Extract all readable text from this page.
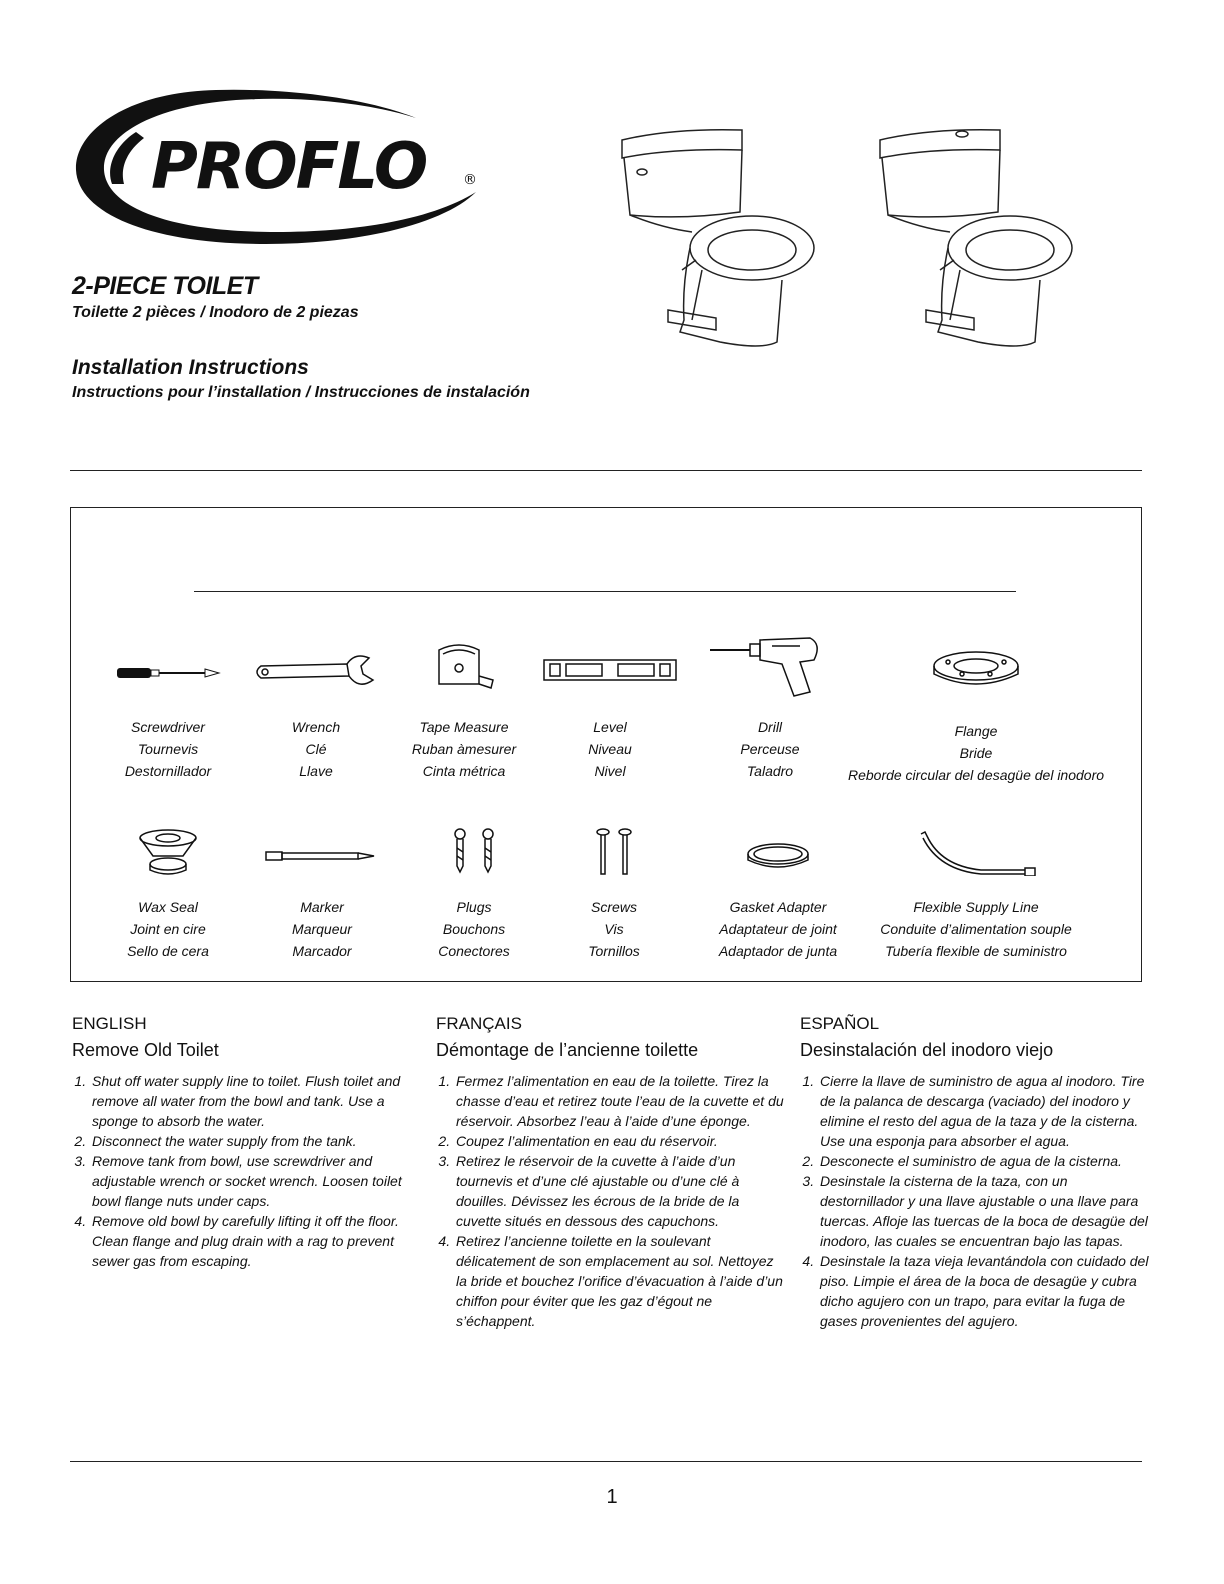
PROFLO	®
2-PIECE TOILET
Toilette 2 pièces / Inodoro de 2 piezas
Installation Instructions
Instructions pour l’installation / Instrucciones de instalación
Screwdriver
Tournevis
Destornillador
Wrench
Clé
Llave
Tape Measure
Ruban àmesurer
Cinta métrica
Level
Niveau
Nivel
Drill
Perceuse
Taladro
Flange
Bride
Reborde circular del desagüe del inodoro
Wax Seal
Joint en cire
Sello de cera
Marker
Marqueur
Marcador
Plugs
Bouchons
Conectores
Screws
Vis
Tornillos
Gasket Adapter
Adaptateur de joint
Adaptador de junta
Flexible Supply Line
Conduite d’alimentation souple
Tubería flexible de suministro
ENGLISH
Remove Old Toilet
1. Shut off water supply line to toilet. Flush toilet and remove all water from the bowl and tank. Use a sponge to absorb the water.
2. Disconnect the water supply from the tank.
3. Remove tank from bowl, use screwdriver and adjustable wrench or socket wrench. Loosen toilet bowl flange nuts under caps.
4. Remove old bowl by carefully lifting it off the floor. Clean flange and plug drain with a rag to prevent sewer gas from escaping.
FRANÇAIS
Démontage de l’ancienne toilette
1. Fermez l’alimentation en eau de la toilette. Tirez la chasse d’eau et retirez toute l’eau de la cuvette et du réservoir. Absorbez l’eau à l’aide d’une éponge.
2. Coupez l’alimentation en eau du réservoir.
3. Retirez le réservoir de la cuvette à l’aide d’un tournevis et d’une clé ajustable ou d’une clé à douilles. Dévissez les écrous de la bride de la cuvette situés en dessous des capuchons.
4. Retirez l’ancienne toilette en la soulevant délicatement de son emplacement au sol. Nettoyez la bride et bouchez l’orifice d’évacuation à l’aide d’un chiffon pour éviter que les gaz d’égout ne s’échappent.
ESPAÑOL
Desinstalación del inodoro viejo
1. Cierre la llave de suministro de agua al inodoro. Tire de la palanca de descarga (vaciado) del inodoro y elimine el resto del agua de la taza y de la cisterna. Use una esponja para absorber el agua.
2. Desconecte el suministro de agua de la cisterna.
3. Desinstale la cisterna de la taza, con un destornillador y una llave ajustable o una llave para tuercas. Afloje las tuercas de la boca de desagüe del inodoro, las cuales se encuentran bajo las tapas.
4. Desinstale la taza vieja levantándola con cuidado del piso. Limpie el área de la boca de desagüe y cubra dicho agujero con un trapo, para evitar la fuga de gases provenientes del agujero.
1
